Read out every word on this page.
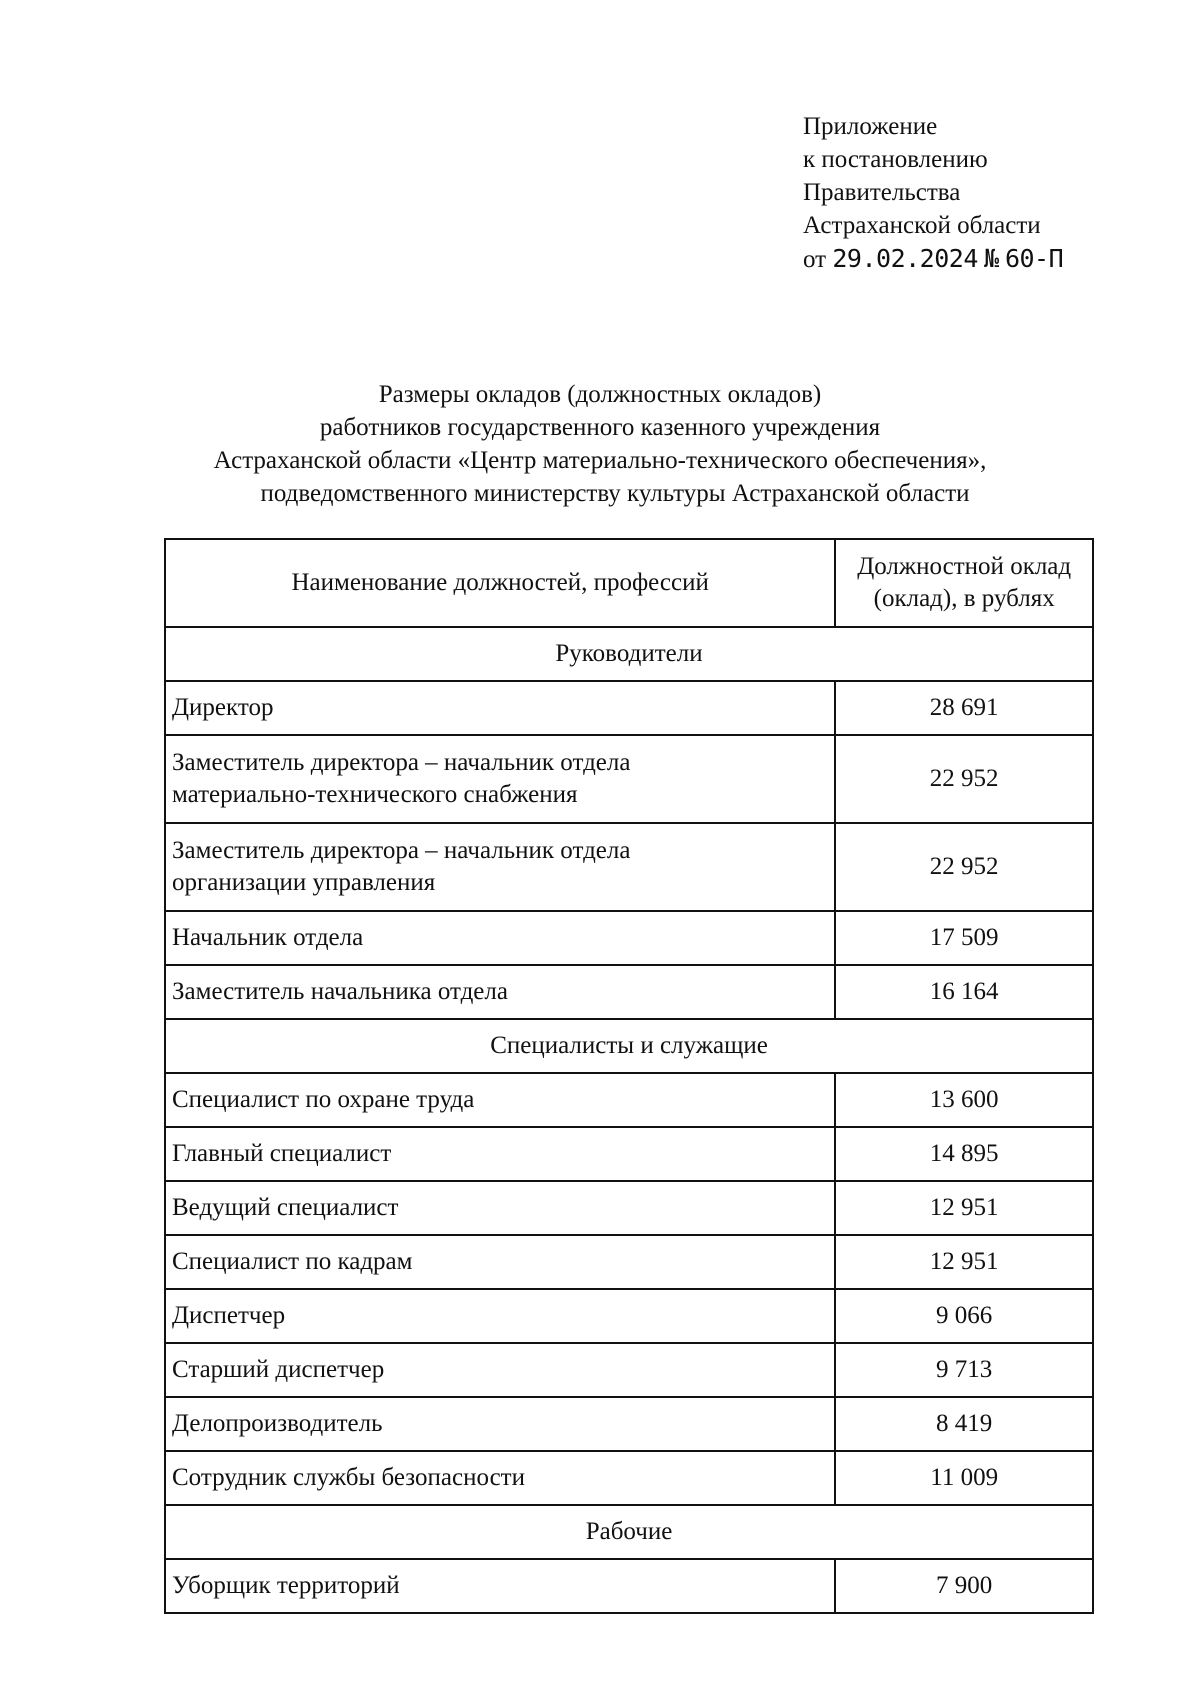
Приложение
к постановлению
Правительства
Астраханской области
от 29.02.2024 № 60-П
Размеры окладов (должностных окладов)
работников государственного казенного учреждения
Астраханской области «Центр материально-технического обеспечения»,
подведомственного министерству культуры Астраханской области
Наименование должностей, профессий	Должностной оклад
(оклад), в рублях

Руководители	

Директор	28 691

Заместитель директора – начальник отдела
материально-технического снабжения	22 952

Заместитель директора – начальник отдела
организации управления	22 952

Начальник отдела	17 509

Заместитель начальника отдела	16 164
Специалисты и служащие	

Специалист по охране труда	13 600

Главный специалист	14 895

Ведущий специалист	12 951

Специалист по кадрам	12 951

Диспетчер	9 066

Старший диспетчер	9 713

Делопроизводитель	8 419

Сотрудник службы безопасности	11 009
Рабочие	

Уборщик территорий	7 900
